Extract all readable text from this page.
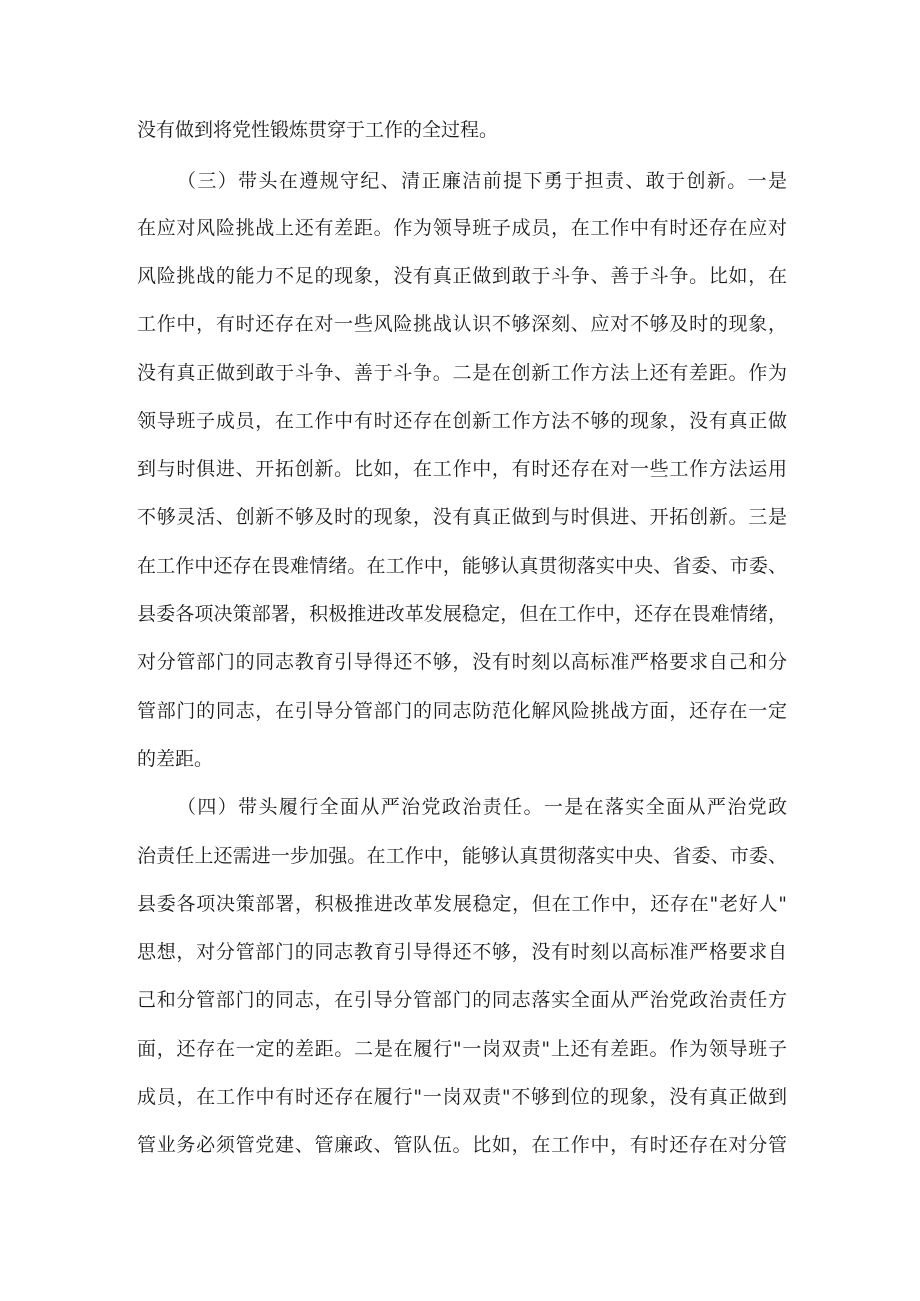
没有做到将党性锻炼贯穿于工作的全过程。
（三）带头在遵规守纪、清正廉洁前提下勇于担责、敢于创新。一是
在应对风险挑战上还有差距。作为领导班子成员，在工作中有时还存在应对
风险挑战的能力不足的现象，没有真正做到敢于斗争、善于斗争。比如，在
工作中，有时还存在对一些风险挑战认识不够深刻、应对不够及时的现象，
没有真正做到敢于斗争、善于斗争。二是在创新工作方法上还有差距。作为
领导班子成员，在工作中有时还存在创新工作方法不够的现象，没有真正做
到与时俱进、开拓创新。比如，在工作中，有时还存在对一些工作方法运用
不够灵活、创新不够及时的现象，没有真正做到与时俱进、开拓创新。三是
在工作中还存在畏难情绪。在工作中，能够认真贯彻落实中央、省委、市委、
县委各项决策部署，积极推进改革发展稳定，但在工作中，还存在畏难情绪，
对分管部门的同志教育引导得还不够，没有时刻以高标准严格要求自己和分
管部门的同志，在引导分管部门的同志防范化解风险挑战方面，还存在一定
的差距。
（四）带头履行全面从严治党政治责任。一是在落实全面从严治党政
治责任上还需进一步加强。在工作中，能够认真贯彻落实中央、省委、市委、
县委各项决策部署，积极推进改革发展稳定，但在工作中，还存在"老好人"
思想，对分管部门的同志教育引导得还不够，没有时刻以高标准严格要求自
己和分管部门的同志，在引导分管部门的同志落实全面从严治党政治责任方
面，还存在一定的差距。二是在履行"一岗双责"上还有差距。作为领导班子
成员，在工作中有时还存在履行"一岗双责"不够到位的现象，没有真正做到
管业务必须管党建、管廉政、管队伍。比如，在工作中，有时还存在对分管
